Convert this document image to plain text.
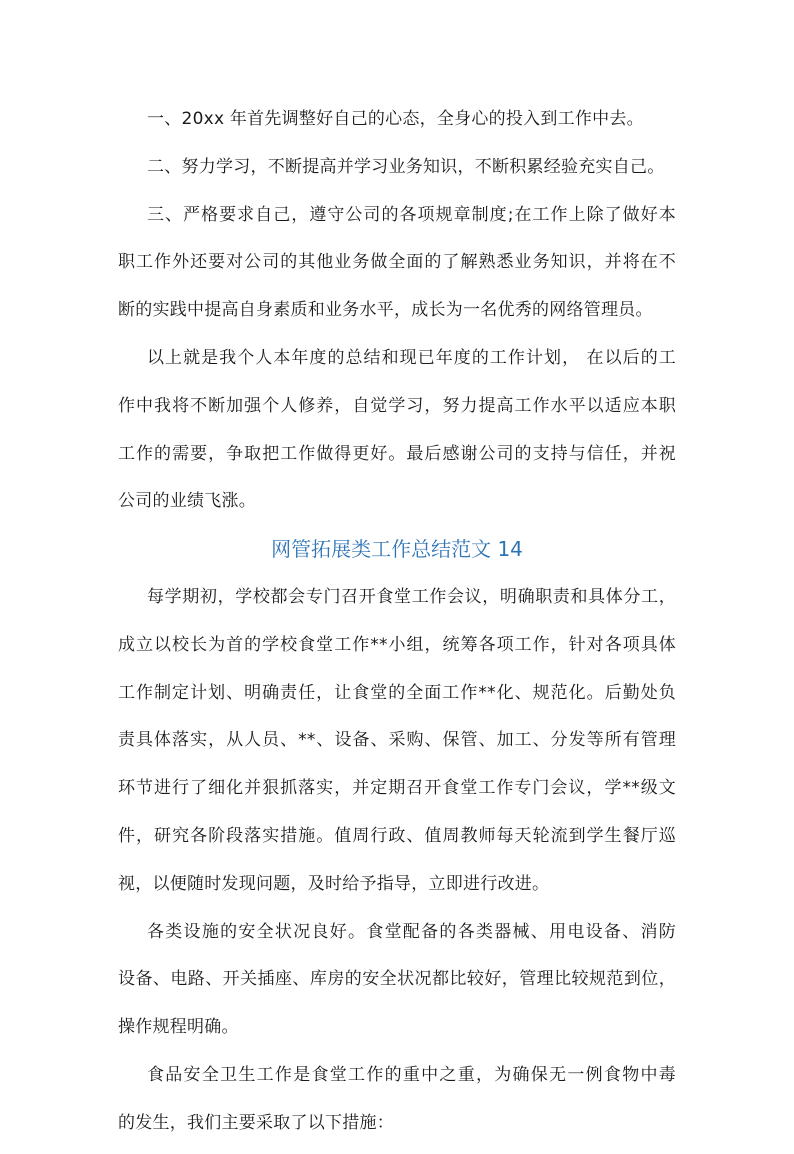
一、20xx 年首先调整好自己的心态，全身心的投入到工作中去。
二、努力学习，不断提高并学习业务知识，不断积累经验充实自己。
三、严格要求自己，遵守公司的各项规章制度;在工作上除了做好本
职工作外还要对公司的其他业务做全面的了解熟悉业务知识，并将在不
断的实践中提高自身素质和业务水平，成长为一名优秀的网络管理员。
以上就是我个人本年度的总结和现已年度的工作计划， 在以后的工
作中我将不断加强个人修养，自觉学习，努力提高工作水平以适应本职
工作的需要，争取把工作做得更好。最后感谢公司的支持与信任，并祝
公司的业绩飞涨。
网管拓展类工作总结范文 14
每学期初，学校都会专门召开食堂工作会议，明确职责和具体分工，
成立以校长为首的学校食堂工作**小组，统筹各项工作，针对各项具体
工作制定计划、明确责任，让食堂的全面工作**化、规范化。后勤处负
责具体落实，从人员、**、设备、采购、保管、加工、分发等所有管理
环节进行了细化并狠抓落实，并定期召开食堂工作专门会议，学**级文
件，研究各阶段落实措施。值周行政、值周教师每天轮流到学生餐厅巡
视，以便随时发现问题，及时给予指导，立即进行改进。
各类设施的安全状况良好。食堂配备的各类器械、用电设备、消防
设备、电路、开关插座、库房的安全状况都比较好，管理比较规范到位，
操作规程明确。
食品安全卫生工作是食堂工作的重中之重，为确保无一例食物中毒
的发生，我们主要采取了以下措施：
